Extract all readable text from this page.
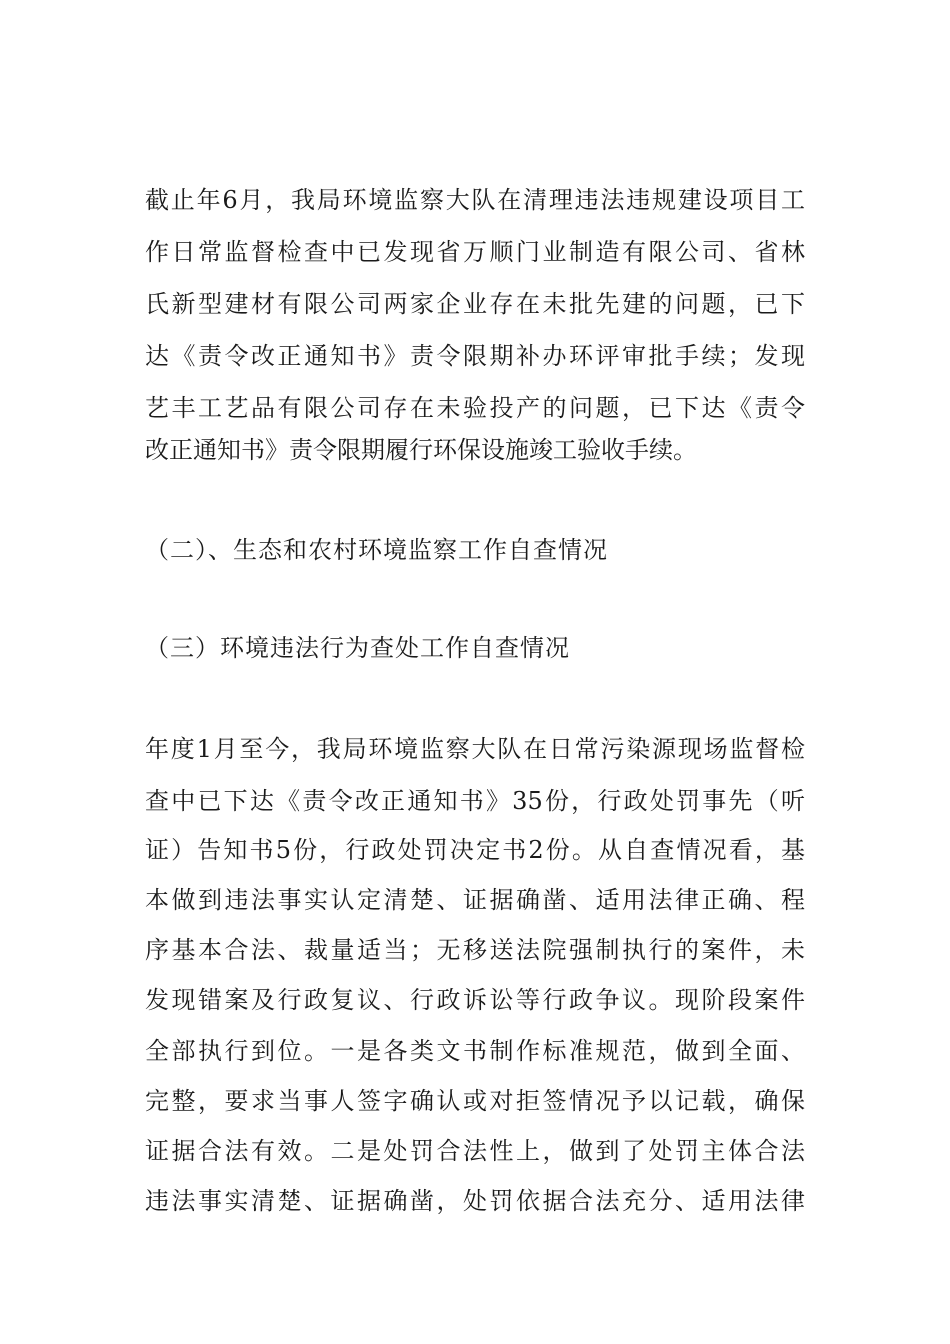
截止年6月，我局环境监察大队在清理违法违规建设项目工
作日常监督检查中已发现省万顺门业制造有限公司、省林
氏新型建材有限公司两家企业存在未批先建的问题，已下
达《责令改正通知书》责令限期补办环评审批手续；发现
艺丰工艺品有限公司存在未验投产的问题，已下达《责令
改正通知书》责令限期履行环保设施竣工验收手续。
（二）、生态和农村环境监察工作自查情况
（三）环境违法行为查处工作自查情况
年度1月至今，我局环境监察大队在日常污染源现场监督检
查中已下达《责令改正通知书》35份，行政处罚事先（听
证）告知书5份，行政处罚决定书2份。从自查情况看，基
本做到违法事实认定清楚、证据确凿、适用法律正确、程
序基本合法、裁量适当；无移送法院强制执行的案件，未
发现错案及行政复议、行政诉讼等行政争议。现阶段案件
全部执行到位。一是各类文书制作标准规范，做到全面、
完整，要求当事人签字确认或对拒签情况予以记载，确保
证据合法有效。二是处罚合法性上，做到了处罚主体合法
违法事实清楚、证据确凿，处罚依据合法充分、适用法律
